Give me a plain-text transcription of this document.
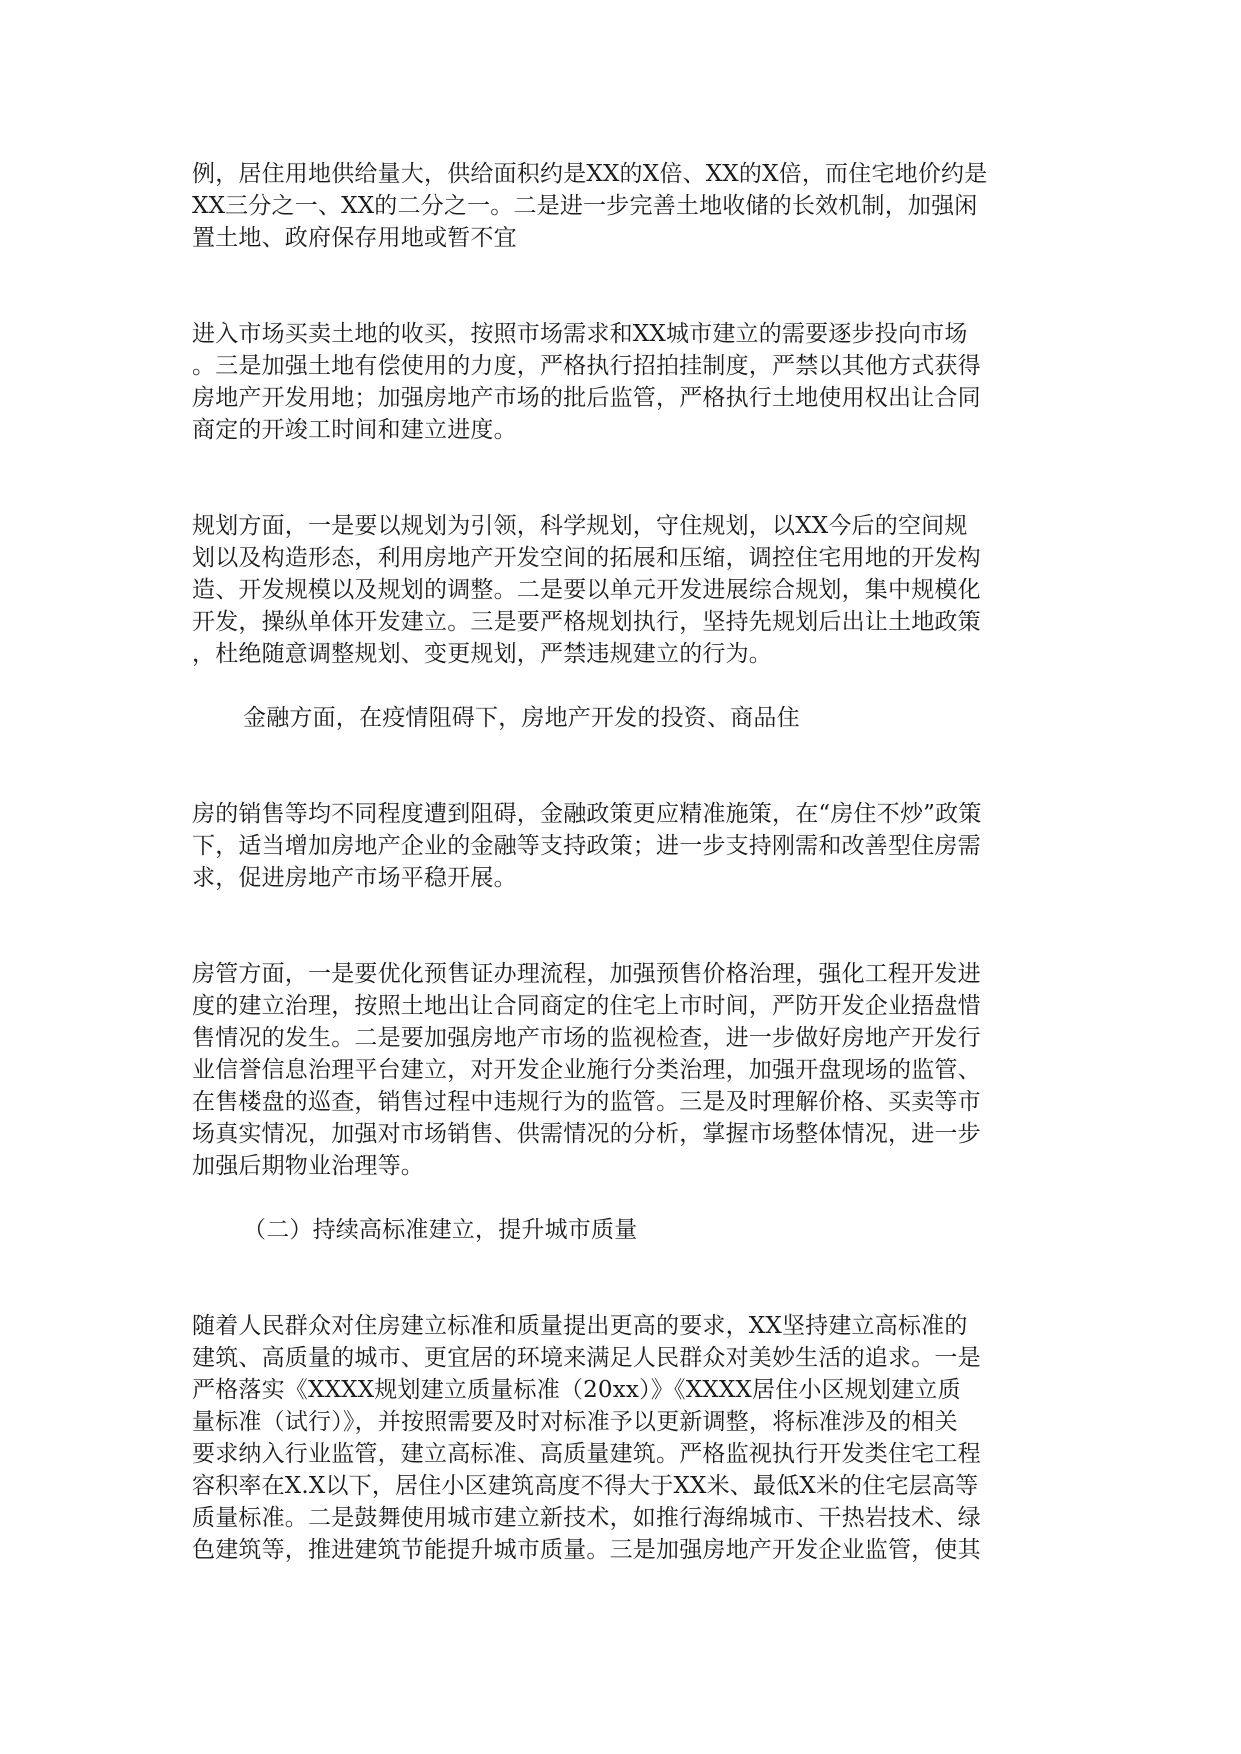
例，居住用地供给量大，供给面积约是XX的X倍、XX的X倍，而住宅地价约是
XX三分之一、XX的二分之一。二是进一步完善土地收储的长效机制，加强闲
置土地、政府保存用地或暂不宜
进入市场买卖土地的收买，按照市场需求和XX城市建立的需要逐步投向市场
。三是加强土地有偿使用的力度，严格执行招拍挂制度，严禁以其他方式获得
房地产开发用地；加强房地产市场的批后监管，严格执行土地使用权出让合同
商定的开竣工时间和建立进度。
规划方面，一是要以规划为引领，科学规划，守住规划，以XX今后的空间规
划以及构造形态，利用房地产开发空间的拓展和压缩，调控住宅用地的开发构
造、开发规模以及规划的调整。二是要以单元开发进展综合规划，集中规模化
开发，操纵单体开发建立。三是要严格规划执行，坚持先规划后出让土地政策
，杜绝随意调整规划、变更规划，严禁违规建立的行为。
金融方面，在疫情阻碍下，房地产开发的投资、商品住
房的销售等均不同程度遭到阻碍，金融政策更应精准施策，在“房住不炒”政策
下，适当增加房地产企业的金融等支持政策；进一步支持刚需和改善型住房需
求，促进房地产市场平稳开展。
房管方面，一是要优化预售证办理流程，加强预售价格治理，强化工程开发进
度的建立治理，按照土地出让合同商定的住宅上市时间，严防开发企业捂盘惜
售情况的发生。二是要加强房地产市场的监视检查，进一步做好房地产开发行
业信誉信息治理平台建立，对开发企业施行分类治理，加强开盘现场的监管、
在售楼盘的巡查，销售过程中违规行为的监管。三是及时理解价格、买卖等市
场真实情况，加强对市场销售、供需情况的分析，掌握市场整体情况，进一步
加强后期物业治理等。
（二）持续高标准建立，提升城市质量
随着人民群众对住房建立标准和质量提出更高的要求，XX坚持建立高标准的
建筑、高质量的城市、更宜居的环境来满足人民群众对美妙生活的追求。一是
严格落实《XXXX规划建立质量标准（20xx）》《XXXX居住小区规划建立质
量标准（试行）》，并按照需要及时对标准予以更新调整，将标准涉及的相关
要求纳入行业监管，建立高标准、高质量建筑。严格监视执行开发类住宅工程
容积率在X.X以下，居住小区建筑高度不得大于XX米、最低X米的住宅层高等
质量标准。二是鼓舞使用城市建立新技术，如推行海绵城市、干热岩技术、绿
色建筑等，推进建筑节能提升城市质量。三是加强房地产开发企业监管，使其
